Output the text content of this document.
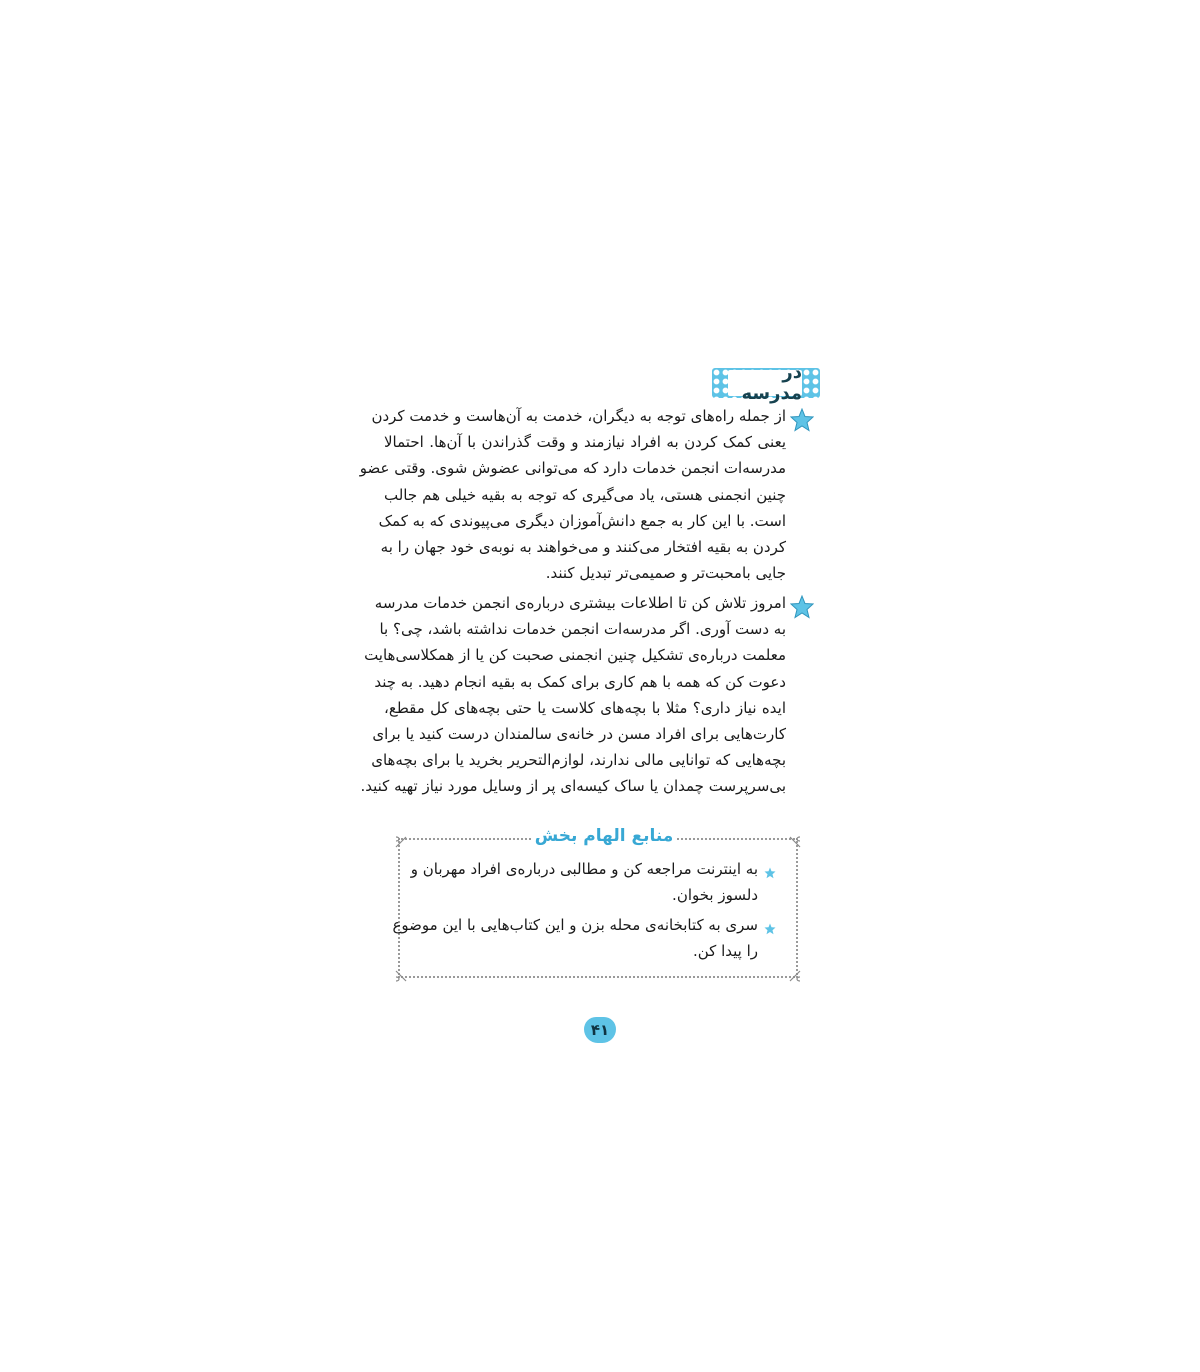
در مدرسه
از جمله راه‌های توجه به دیگران، خدمت به آن‌هاست و خدمت کردن
یعنی کمک کردن به افراد نیازمند و وقت گذراندن با آن‌ها. احتمالا
مدرسه‌ات انجمن خدمات دارد که می‌توانی عضوش شوی. وقتی عضو
چنین انجمنی هستی، یاد می‌گیری که توجه به بقیه خیلی هم جالب
است. با این کار به جمع دانش‌آموزان دیگری می‌پیوندی که به کمک
کردن به بقیه افتخار می‌کنند و می‌خواهند به نوبه‌ی خود جهان را به
جایی بامحبت‌تر و صمیمی‌تر تبدیل کنند.
امروز تلاش کن تا اطلاعات بیشتری درباره‌ی انجمن خدمات مدرسه
به دست آوری. اگر مدرسه‌ات انجمن خدمات نداشته باشد، چی؟ با
معلمت درباره‌ی تشکیل چنین انجمنی صحبت کن یا از همکلاسی‌هایت
دعوت کن که همه با هم کاری برای کمک به بقیه انجام دهید. به چند
ایده نیاز داری؟ مثلا با بچه‌های کلاست یا حتی بچه‌های کل مقطع،
کارت‌هایی برای افراد مسن در خانه‌ی سالمندان درست کنید یا برای
بچه‌هایی که توانایی مالی ندارند، لوازم‌التحریر بخرید یا برای بچه‌های
بی‌سرپرست چمدان یا ساک کیسه‌ای پر از وسایل مورد نیاز تهیه کنید.
منابع الهام بخش
به اینترنت مراجعه کن و مطالبی درباره‌ی افراد مهربان و
دلسوز بخوان.
سری به کتابخانه‌ی محله بزن و این کتاب‌هایی با این موضوع
را پیدا کن.
۴۱
